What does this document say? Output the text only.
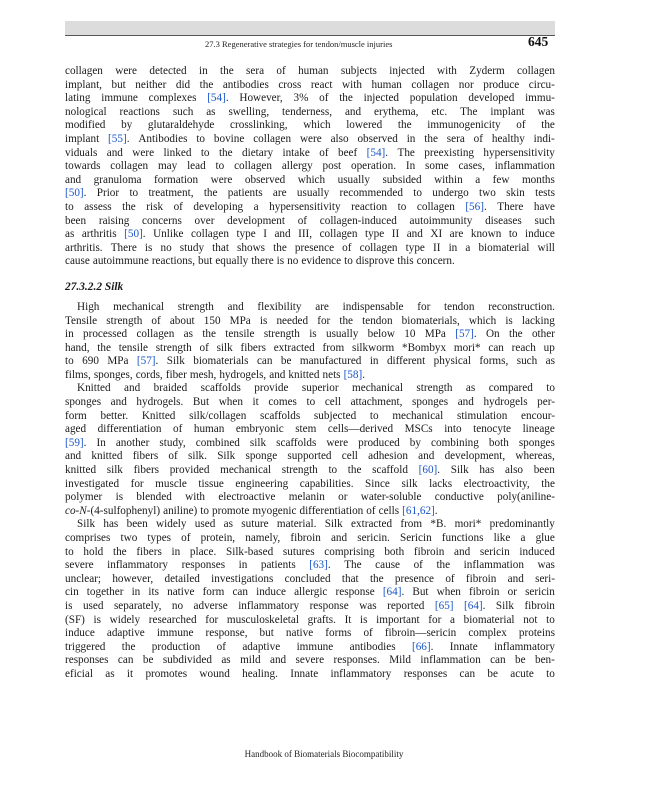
27.3 Regenerative strategies for tendon/muscle injuries	645
collagen were detected in the sera of human subjects injected with Zyderm collagen
implant, but neither did the antibodies cross react with human collagen nor produce circu-
lating immune complexes [54]. However, 3% of the injected population developed immu-
nological reactions such as swelling, tenderness, and erythema, etc. The implant was
modified by glutaraldehyde crosslinking, which lowered the immunogenicity of the
implant [55]. Antibodies to bovine collagen were also observed in the sera of healthy indi-
viduals and were linked to the dietary intake of beef [54]. The preexisting hypersensitivity
towards collagen may lead to collagen allergy post operation. In some cases, inflammation
and granuloma formation were observed which usually subsided within a few months
[50]. Prior to treatment, the patients are usually recommended to undergo two skin tests
to assess the risk of developing a hypersensitivity reaction to collagen [56]. There have
been raising concerns over development of collagen-induced autoimmunity diseases such
as arthritis [50]. Unlike collagen type I and III, collagen type II and XI are known to induce
arthritis. There is no study that shows the presence of collagen type II in a biomaterial will
cause autoimmune reactions, but equally there is no evidence to disprove this concern.
27.3.2.2 Silk
High mechanical strength and flexibility are indispensable for tendon reconstruction.
Tensile strength of about 150 MPa is needed for the tendon biomaterials, which is lacking
in processed collagen as the tensile strength is usually below 10 MPa [57]. On the other
hand, the tensile strength of silk fibers extracted from silkworm *Bombyx mori* can reach up
to 690 MPa [57]. Silk biomaterials can be manufactured in different physical forms, such as
films, sponges, cords, fiber mesh, hydrogels, and knitted nets [58].
Knitted and braided scaffolds provide superior mechanical strength as compared to
sponges and hydrogels. But when it comes to cell attachment, sponges and hydrogels per-
form better. Knitted silk/collagen scaffolds subjected to mechanical stimulation encour-
aged differentiation of human embryonic stem cells—derived MSCs into tenocyte lineage
[59]. In another study, combined silk scaffolds were produced by combining both sponges
and knitted fibers of silk. Silk sponge supported cell adhesion and development, whereas,
knitted silk fibers provided mechanical strength to the scaffold [60]. Silk has also been
investigated for muscle tissue engineering capabilities. Since silk lacks electroactivity, the
polymer is blended with electroactive melanin or water-soluble conductive poly(aniline-
co-N-(4-sulfophenyl) aniline) to promote myogenic differentiation of cells [61,62].
Silk has been widely used as suture material. Silk extracted from *B. mori* predominantly
comprises two types of protein, namely, fibroin and sericin. Sericin functions like a glue
to hold the fibers in place. Silk-based sutures comprising both fibroin and sericin induced
severe inflammatory responses in patients [63]. The cause of the inflammation was
unclear; however, detailed investigations concluded that the presence of fibroin and seri-
cin together in its native form can induce allergic response [64]. But when fibroin or sericin
is used separately, no adverse inflammatory response was reported [65] [64]. Silk fibroin
(SF) is widely researched for musculoskeletal grafts. It is important for a biomaterial not to
induce adaptive immune response, but native forms of fibroin—sericin complex proteins
triggered the production of adaptive immune antibodies [66]. Innate inflammatory
responses can be subdivided as mild and severe responses. Mild inflammation can be ben-
eficial as it promotes wound healing. Innate inflammatory responses can be acute to
Handbook of Biomaterials Biocompatibility
